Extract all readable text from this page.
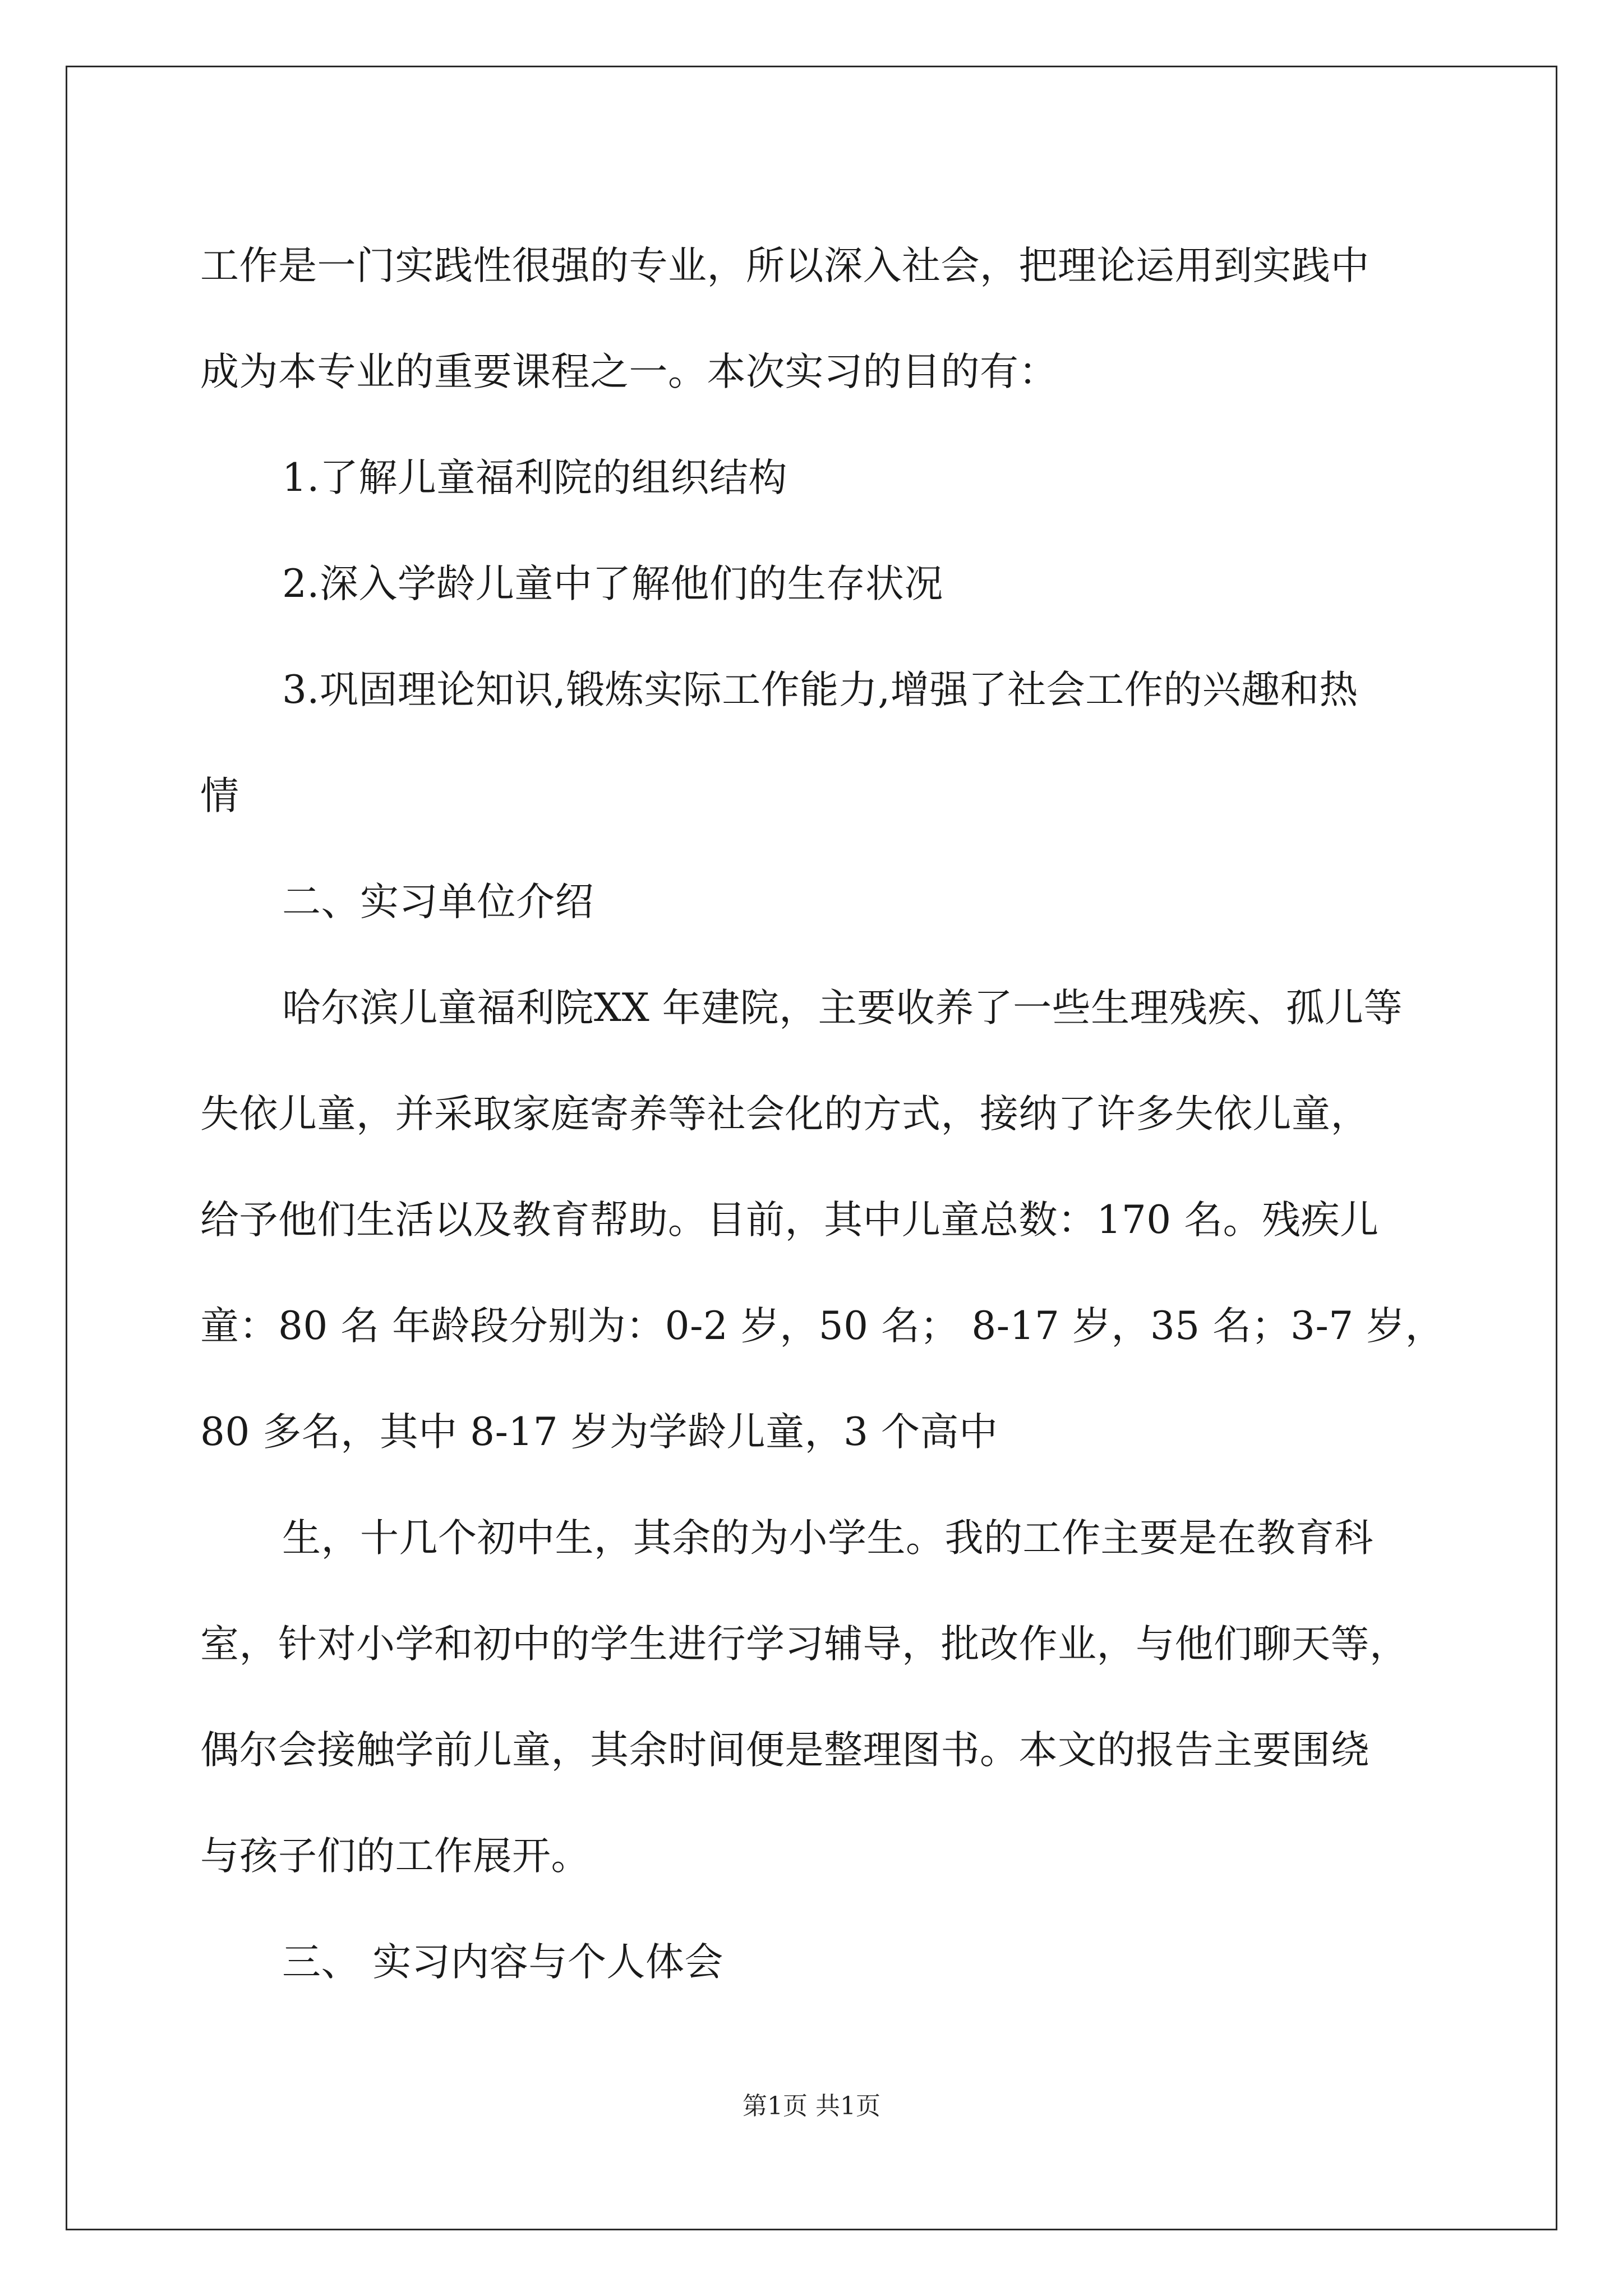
工作是一门实践性很强的专业，所以深入社会，把理论运用到实践中
成为本专业的重要课程之一。本次实习的目的有：
1.了解儿童福利院的组织结构
2.深入学龄儿童中了解他们的生存状况
3.巩固理论知识,锻炼实际工作能力,增强了社会工作的兴趣和热
情
二、实习单位介绍
哈尔滨儿童福利院XX 年建院，主要收养了一些生理残疾、孤儿等
失依儿童，并采取家庭寄养等社会化的方式，接纳了许多失依儿童，
给予他们生活以及教育帮助。目前，其中儿童总数：170 名。残疾儿
童：80 名 年龄段分别为：0-2 岁，50 名； 8-17 岁，35 名；3-7 岁，
80 多名，其中 8-17 岁为学龄儿童，3 个高中
生，十几个初中生，其余的为小学生。我的工作主要是在教育科
室，针对小学和初中的学生进行学习辅导，批改作业，与他们聊天等，
偶尔会接触学前儿童，其余时间便是整理图书。本文的报告主要围绕
与孩子们的工作展开。
三、 实习内容与个人体会
第1页 共1页
